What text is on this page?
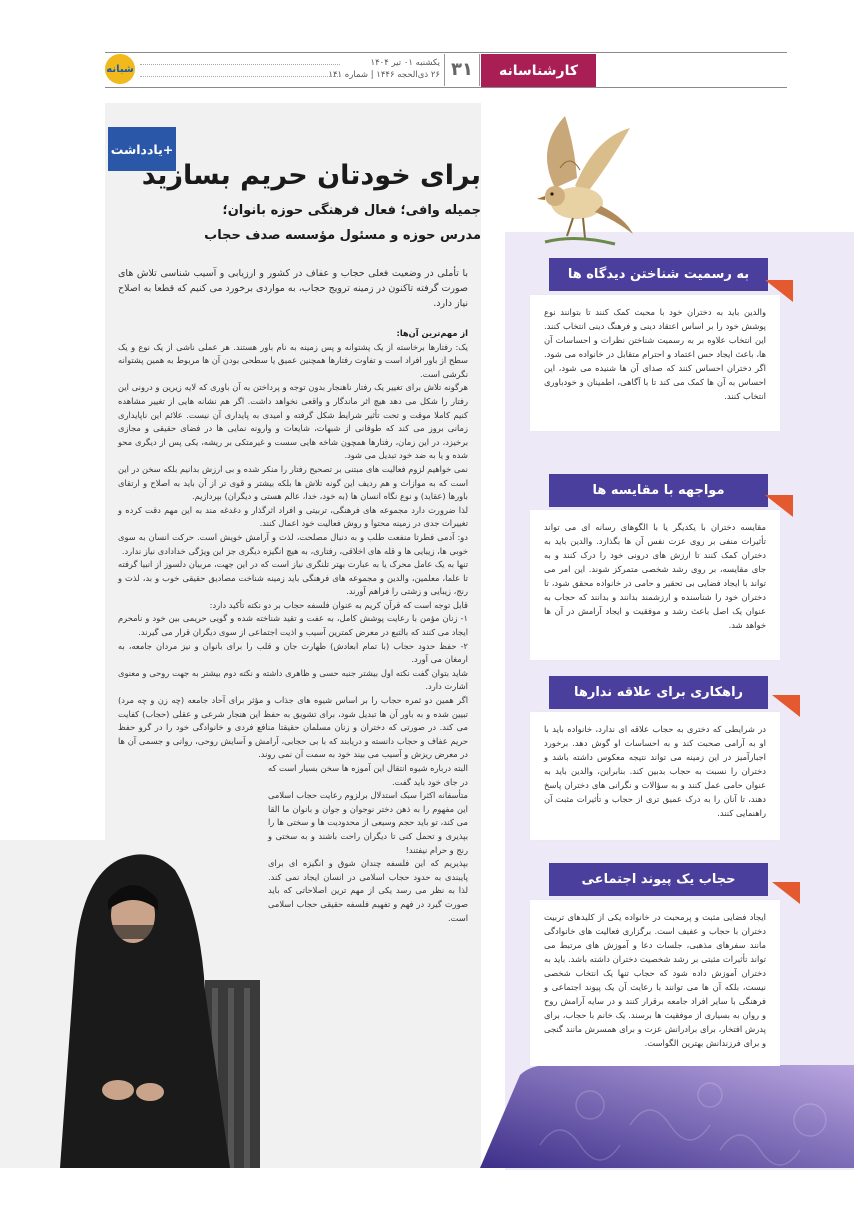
شبانه
یکشنبه ۰۱ تیر ۱۴۰۴
۲۶ ذی‌الحجه ۱۴۴۶ | شماره ۱۴۱ ۳۱	کارشناسانه
+یادداشت
برای خودتان حریم بسازید
جمیله وافی؛ فعال فرهنگی حوزه بانوان؛
مدرس حوزه و مسئول مؤسسه صدف حجاب

با تأملی در وضعیت فعلی حجاب و عفاف در کشور و ارزیابی و آسیب شناسی تلاش های صورت گرفته تاکنون در زمینه ترویج حجاب، به مواردی برخورد می کنیم که قطعا به اصلاح نیاز دارد.

از مهم‌ترین آن‌ها:

یک: رفتارها برخاسته از یک پشتوانه و پس زمینه به نام باور هستند. هر عملی ناشی از یک نوع و یک سطح از باور افراد است و تفاوت رفتارها همچنین عمیق یا سطحی بودن آن ها مربوط به همین پشتوانه نگرشی است.

هرگونه تلاش برای تغییر یک رفتار ناهنجار بدون توجه و پرداختن به آن باوری که لایه زیرین و درونی این رفتار را شکل می دهد هیچ اثر ماندگار و واقعی نخواهد داشت. اگر هم نشانه هایی از تغییر مشاهده کنیم کاملا موقت و تحت تأثیر شرایط شکل گرفته و امیدی به پایداری آن نیست. علائم این ناپایداری زمانی بروز می کند که طوفانی از شبهات، شایعات و وارونه نمایی ها در فضای حقیقی و مجازی برخیزد، در این زمان، رفتارها همچون شاخه هایی سست و غیرمتکی بر ریشه، یکی پس از دیگری محو شده و یا به ضد خود تبدیل می شود.

نمی خواهیم لزوم فعالیت های مبتنی بر تصحیح رفتار را منکر شده و بی ارزش بدانیم بلکه سخن در این است که به موازات و هم ردیف این گونه تلاش ها بلکه بیشتر و قوی تر از آن باید به اصلاح و ارتقای باورها (عقاید) و نوع نگاه انسان ها (به خود، خدا، عالم هستی و دیگران) بپردازیم.

لذا ضرورت دارد مجموعه های فرهنگی، تربیتی و افراد اثرگذار و دغدغه مند به این مهم دقت کرده و تغییرات جدی در زمینه محتوا و روش فعالیت خود اعمال کنند.

دو: آدمی فطرتا منفعت طلب و به دنبال مصلحت، لذت و آرامش خویش است. حرکت انسان به سوی خوبی ها، زیبایی ها و قله های اخلاقی، رفتاری، به هیچ انگیزه دیگری جز این ویژگی خدادادی نیاز ندارد.

تنها به یک عامل محرک یا به عبارت بهتر تلنگری نیاز است که در این جهت، مربیان دلسوز از انبیا گرفته تا علما، معلمین، والدین و مجموعه های فرهنگی باید زمینه شناخت مصادیق حقیقی خوب و بد، لذت و رنج، زیبایی و زشتی را فراهم آورند.

قابل توجه است که قرآن کریم به عنوان فلسفه حجاب بر دو نکته تأکید دارد:

۱- زنان مؤمن با رعایت پوشش کامل، به عفت و تقید شناخته شده و گویی حریمی بین خود و نامحرم ایجاد می کنند که بالتبع در معرض کمترین آسیب و اذیت اجتماعی از سوی دیگران قرار می گیرند.

۲- حفظ حدود حجاب (با تمام ابعادش) طهارت جان و قلب را برای بانوان و نیز مردان جامعه، به ارمغان می آورد.

شاید بتوان گفت نکته اول بیشتر جنبه حسی و ظاهری داشته و نکته دوم بیشتر به جهت روحی و معنوی اشارت دارد.

اگر همین دو ثمره حجاب را بر اساس شیوه های جذاب و مؤثر برای آحاد جامعه (چه زن و چه مرد) تبیین شده و به باور آن ها تبدیل شود، برای تشویق به حفظ این هنجار شرعی و عقلی (حجاب) کفایت می کند. در صورتی که دختران و زنان مسلمان حقیقتا منافع فردی و خانوادگی خود را در گرو حفظ حریم عفاف و حجاب دانسته و دریابند که با بی حجابی، آرامش و آسایش روحی، روانی و جسمی آن ها در معرض ریزش و آسیب می بیند خود به سمت آن نمی روند.

البته درباره شیوه انتقال این آموزه ها سخن بسیار است که در جای خود باید گفت.

متأسفانه اکثرا سبک استدلال برلزوم رعایت حجاب اسلامی این مفهوم را به ذهن دختر نوجوان و جوان و بانوان ما القا می کند، تو باید حجم وسیعی از محدودیت ها و سختی ها را بپذیری و تحمل کنی تا دیگران راحت باشند و به سختی و رنج و حرام نیفتند!

بپذیریم که این فلسفه چندان شوق و انگیزه ای برای پایبندی به حدود حجاب اسلامی در انسان ایجاد نمی کند. لذا به نظر می رسد یکی از مهم ترین اصلاحاتی که باید صورت گیرد در فهم و تفهیم فلسفه حقیقی حجاب اسلامی است.

والدین باید به دختران خود با محبت کمک کنند تا بتوانند نوع پوشش خود را بر اساس اعتقاد دینی و فرهنگ دینی انتخاب کنند. این انتخاب علاوه بر به رسمیت شناختن نظرات و احساسات آن ها، باعث ایجاد حس اعتماد و احترام متقابل در خانواده می شود. اگر دختران احساس کنند که صدای آن ها شنیده می شود، این احساس به آن ها کمک می کند تا با آگاهی، اطمینان و خودباوری انتخاب کنند.

به رسمیت شناختن دیدگاه ها

مقایسه دختران با یکدیگر یا با الگوهای رسانه ای می تواند تأثیرات منفی بر روی عزت نفس آن ها بگذارد. والدین باید به دختران کمک کنند تا ارزش های درونی خود را درک کنند و به جای مقایسه، بر روی رشد شخصی متمرکز شوند. این امر می تواند با ایجاد فضایی بی تحقیر و حامی در خانواده محقق شود، تا دختران خود را شناسنده و ارزشمند بدانند و بدانند که حجاب به عنوان یک اصل باعث رشد و موفقیت و ایجاد آرامش در آن ها خواهد شد.

مواجهه با مقایسه ها

در شرایطی که دختری به حجاب علاقه ای ندارد، خانواده باید با او به آرامی صحبت کند و به احساسات او گوش دهد. برخورد اجبارآمیز در این زمینه می تواند نتیجه معکوس داشته باشد و دختران را نسبت به حجاب بدبین کند. بنابراین، والدین باید به عنوان حامی عمل کنند و به سؤالات و نگرانی های دختران پاسخ دهند، تا آنان را به درک عمیق تری از حجاب و تأثیرات مثبت آن راهنمایی کنند.

راهکاری برای علاقه ندارها

ایجاد فضایی مثبت و پرمحبت در خانواده یکی از کلیدهای تربیت دختران با حجاب و عفیف است. برگزاری فعالیت های خانوادگی مانند سفرهای مذهبی، جلسات دعا و آموزش های مرتبط می تواند تأثیرات مثبتی بر رشد شخصیت دختران داشته باشد. باید به دختران آموزش داده شود که حجاب تنها یک انتخاب شخصی نیست، بلکه آن ها می توانند با رعایت آن یک پیوند اجتماعی و فرهنگی با سایر افراد جامعه برقرار کنند و در سایه آرامش روح و روان به بسیاری از موفقیت ها برسند. یک خانم با حجاب، برای پدرش افتخار، برای برادرانش عزت و برای همسرش مانند گنجی و برای فرزندانش بهترین الگواست.

حجاب یک پیوند اجتماعی
